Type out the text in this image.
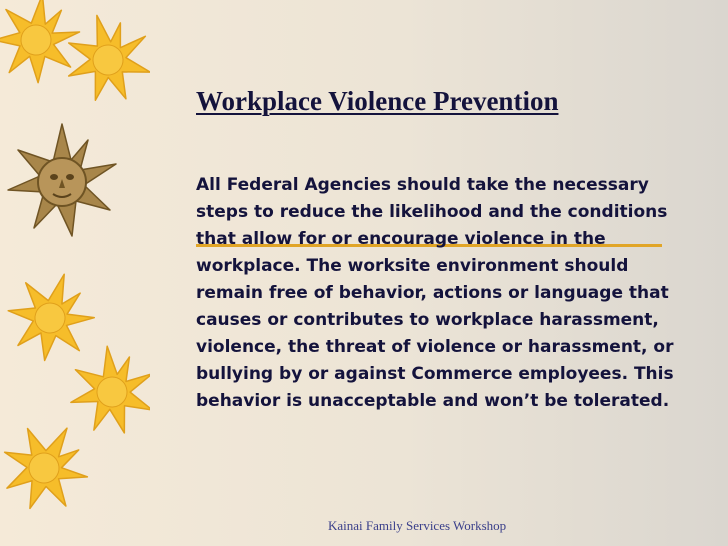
Workplace Violence Prevention

All Federal Agencies should take the necessary steps to reduce the likelihood and the conditions that allow for or encourage violence in the workplace. The worksite environment should remain free of behavior, actions or language that causes or contributes to workplace harassment, violence, the threat of violence or harassment, or bullying by or against Commerce employees. This behavior is unacceptable and won’t be tolerated.

Kainai Family Services Workshop
